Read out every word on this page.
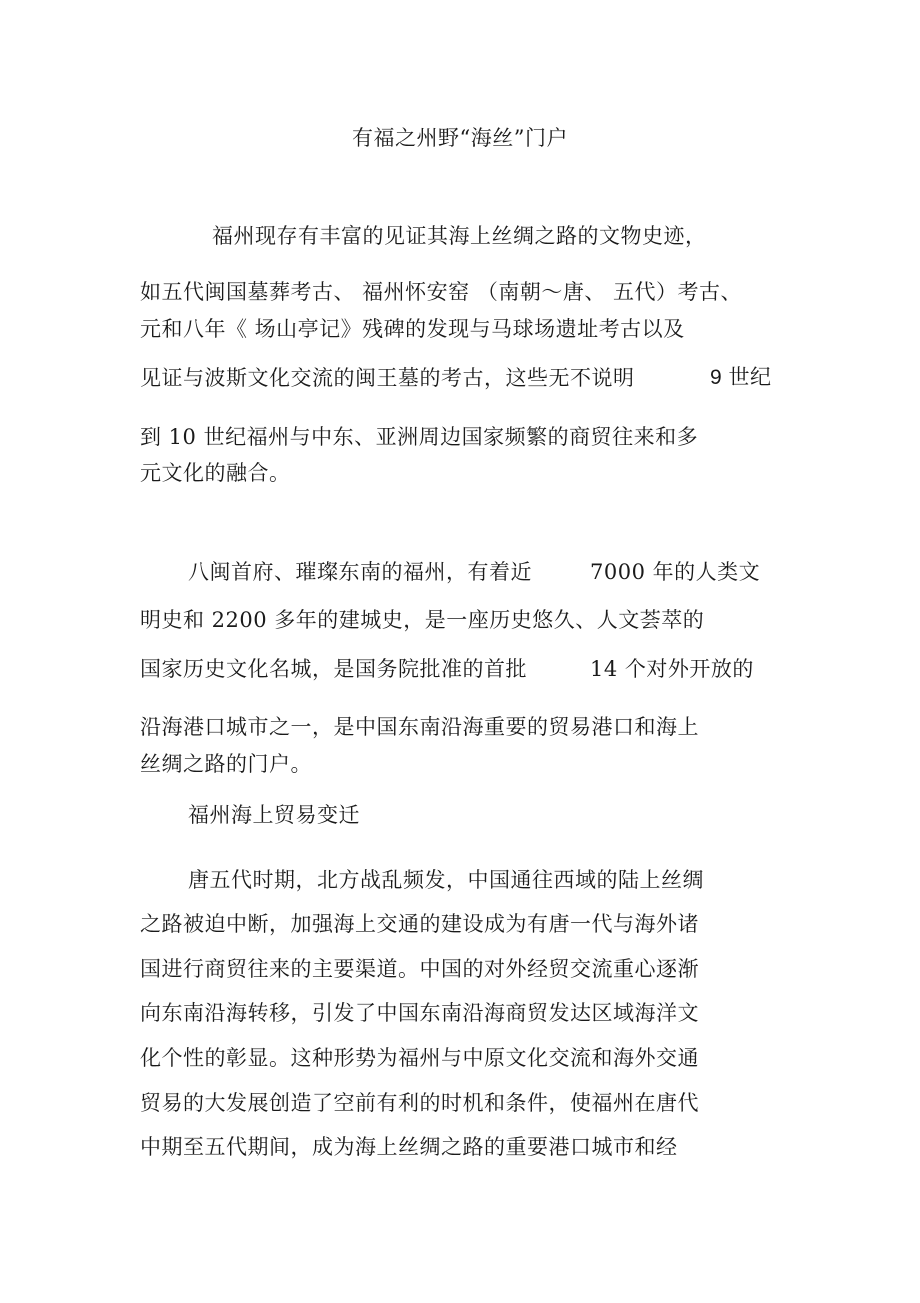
有福之州野“海丝”门户
福州现存有丰富的见证其海上丝绸之路的文物史迹，
如五代闽国墓葬考古、 福州怀安窑 （南朝～唐、 五代）考古、
元和八年《 场山亭记》残碑的发现与马球场遗址考古以及
见证与波斯文化交流的闽王墓的考古，这些无不说明	9 世纪
到 10 世纪福州与中东、亚洲周边国家频繁的商贸往来和多
元文化的融合。
八闽首府、璀璨东南的福州，有着近	7000 年的人类文
明史和 2200 多年的建城史，是一座历史悠久、人文荟萃的
国家历史文化名城，是国务院批准的首批	14 个对外开放的
沿海港口城市之一，是中国东南沿海重要的贸易港口和海上
丝绸之路的门户。
福州海上贸易变迁
唐五代时期，北方战乱频发，中国通往西域的陆上丝绸
之路被迫中断，加强海上交通的建设成为有唐一代与海外诸
国进行商贸往来的主要渠道。中国的对外经贸交流重心逐渐
向东南沿海转移，引发了中国东南沿海商贸发达区域海洋文
化个性的彰显。这种形势为福州与中原文化交流和海外交通
贸易的大发展创造了空前有利的时机和条件，使福州在唐代
中期至五代期间，成为海上丝绸之路的重要港口城市和经
